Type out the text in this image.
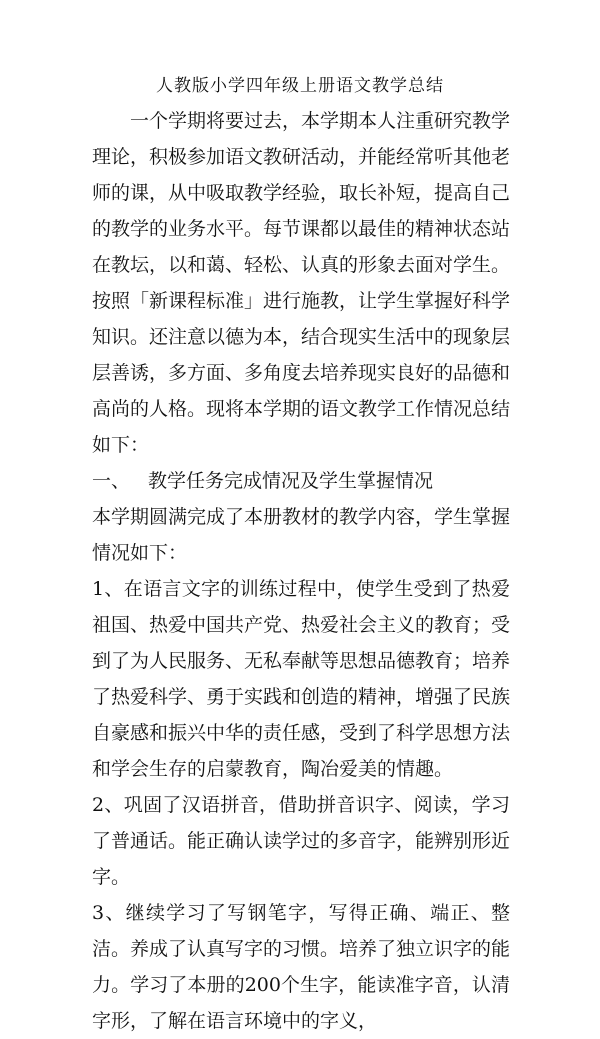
人教版小学四年级上册语文教学总结

一个学期将要过去，本学期本人注重研究教学理论，积极参加语文教研活动，并能经常听其他老师的课，从中吸取教学经验，取长补短，提高自己的教学的业务水平。每节课都以最佳的精神状态站在教坛，以和蔼、轻松、认真的形象去面对学生。按照「新课程标准」进行施教，让学生掌握好科学知识。还注意以德为本，结合现实生活中的现象层层善诱，多方面、多角度去培养现实良好的品德和高尚的人格。现将本学期的语文教学工作情况总结如下：

一、 教学任务完成情况及学生掌握情况

本学期圆满完成了本册教材的教学内容，学生掌握情况如下：

1、在语言文字的训练过程中，使学生受到了热爱祖国、热爱中国共产党、热爱社会主义的教育；受到了为人民服务、无私奉献等思想品德教育；培养了热爱科学、勇于实践和创造的精神，增强了民族自豪感和振兴中华的责任感，受到了科学思想方法和学会生存的启蒙教育，陶冶爱美的情趣。

2、巩固了汉语拼音，借助拼音识字、阅读，学习了普通话。能正确认读学过的多音字，能辨别形近字。

3、继续学习了写钢笔字，写得正确、端正、整洁。养成了认真写字的习惯。培养了独立识字的能力。学习了本册的200个生字，能读准字音，认清字形，了解在语言环境中的字义，
